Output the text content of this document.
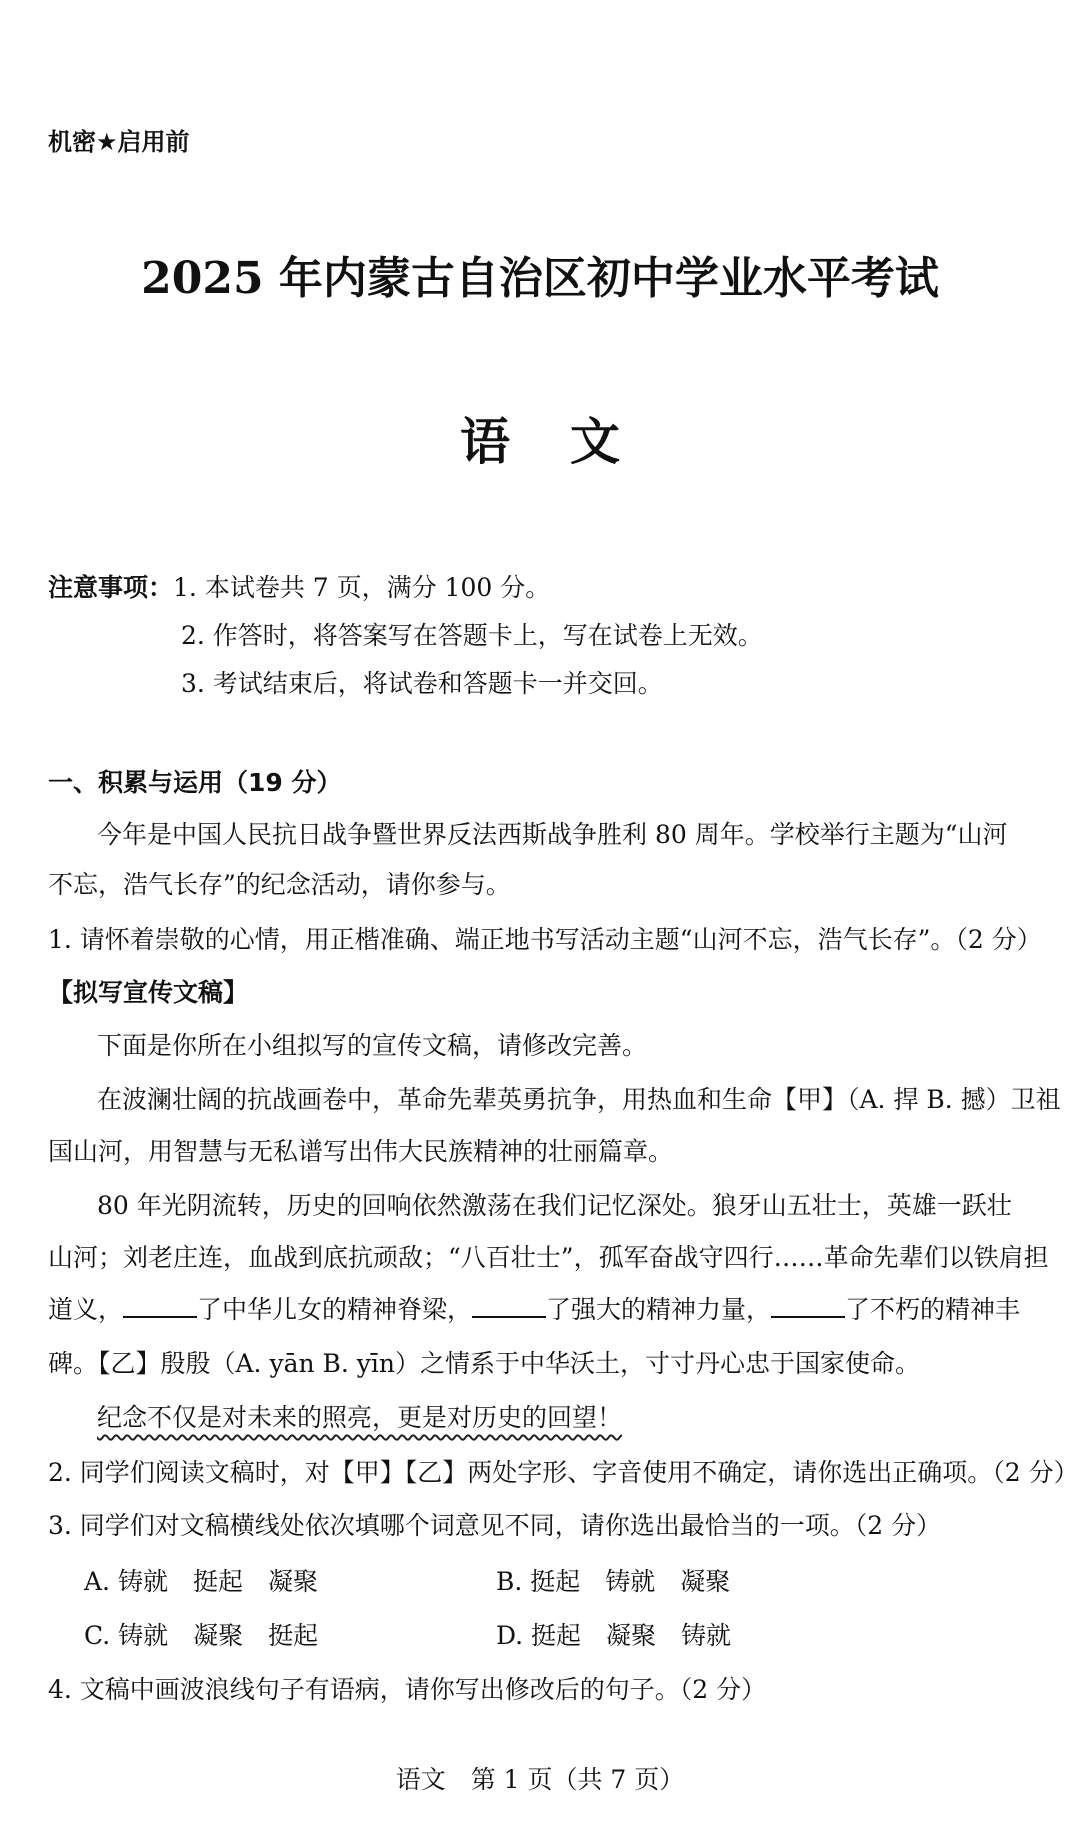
机密★启用前
2025 年内蒙古自治区初中学业水平考试
语文
注意事项：1. 本试卷共 7 页，满分 100 分。
2. 作答时，将答案写在答题卡上，写在试卷上无效。
3. 考试结束后，将试卷和答题卡一并交回。
一、积累与运用（19 分）
今年是中国人民抗日战争暨世界反法西斯战争胜利 80 周年。学校举行主题为“山河
不忘，浩气长存”的纪念活动，请你参与。
1. 请怀着崇敬的心情，用正楷准确、端正地书写活动主题“山河不忘，浩气长存”。（2 分）
【拟写宣传文稿】
下面是你所在小组拟写的宣传文稿，请修改完善。
在波澜壮阔的抗战画卷中，革命先辈英勇抗争，用热血和生命【甲】（A. 捍 B. 撼）卫祖
国山河，用智慧与无私谱写出伟大民族精神的壮丽篇章。
80 年光阴流转，历史的回响依然激荡在我们记忆深处。狼牙山五壮士，英雄一跃壮
山河；刘老庄连，血战到底抗顽敌；“八百壮士”，孤军奋战守四行……革命先辈们以铁肩担
道义，	了中华儿女的精神脊梁，	了强大的精神力量，	了不朽的精神丰
碑。【乙】殷殷（A. yān B. yīn）之情系于中华沃土，寸寸丹心忠于国家使命。
纪念不仅是对未来的照亮，更是对历史的回望！
2. 同学们阅读文稿时，对【甲】【乙】两处字形、字音使用不确定，请你选出正确项。（2 分）
3. 同学们对文稿横线处依次填哪个词意见不同，请你选出最恰当的一项。（2 分）
A. 铸就　挺起　凝聚	B. 挺起　铸就　凝聚
C. 铸就　凝聚　挺起	D. 挺起　凝聚　铸就
4. 文稿中画波浪线句子有语病，请你写出修改后的句子。（2 分）
语文　第 1 页（共 7 页）
